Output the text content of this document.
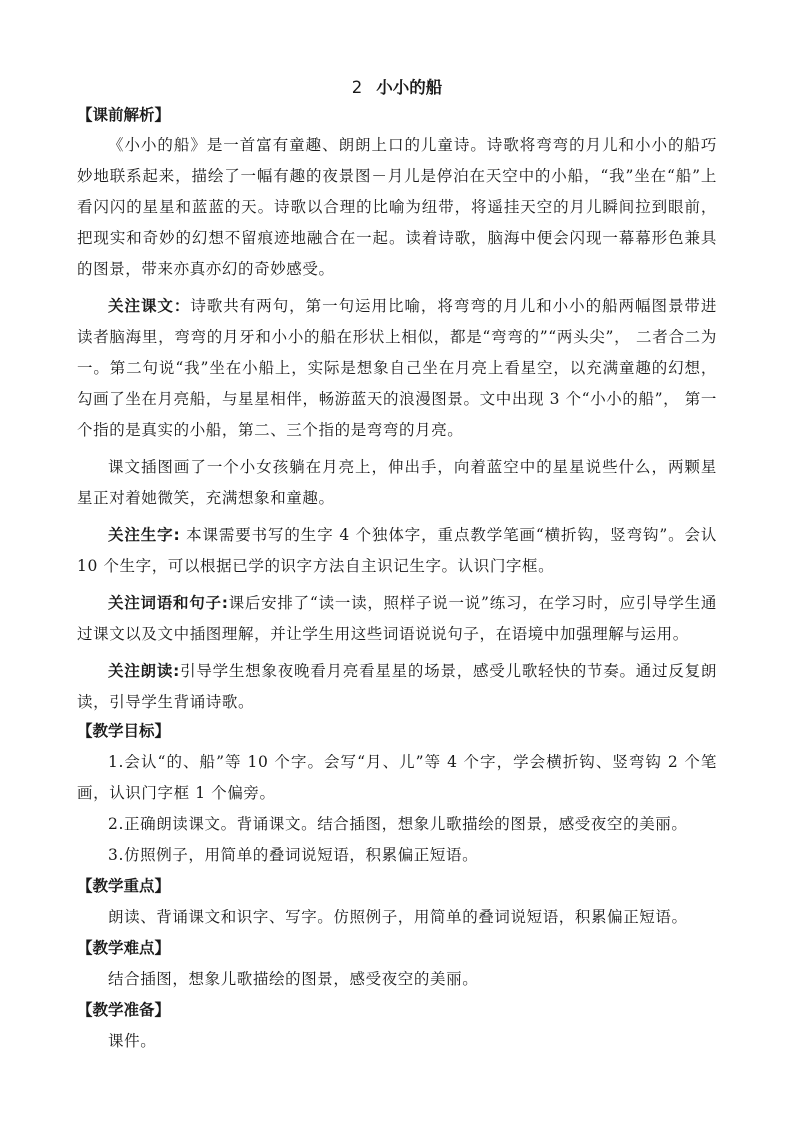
2 小小的船
【课前解析】

《小小的船》是一首富有童趣、朗朗上口的儿童诗。诗歌将弯弯的月儿和小小的船巧妙地联系起来，描绘了一幅有趣的夜景图－月儿是停泊在天空中的小船，“我”坐在“船”上看闪闪的星星和蓝蓝的天。诗歌以合理的比喻为纽带，将遥挂天空的月儿瞬间拉到眼前，把现实和奇妙的幻想不留痕迹地融合在一起。读着诗歌，脑海中便会闪现一幕幕形色兼具的图景，带来亦真亦幻的奇妙感受。

关注课文：诗歌共有两句，第一句运用比喻，将弯弯的月儿和小小的船两幅图景带进读者脑海里，弯弯的月牙和小小的船在形状上相似，都是“弯弯的”“两头尖”， 二者合二为一。第二句说“我”坐在小船上，实际是想象自己坐在月亮上看星空，以充满童趣的幻想，勾画了坐在月亮船，与星星相伴，畅游蓝天的浪漫图景。文中出现 3 个“小小的船”， 第一个指的是真实的小船，第二、三个指的是弯弯的月亮。

课文插图画了一个小女孩躺在月亮上，伸出手，向着蓝空中的星星说些什么，两颗星星正对着她微笑，充满想象和童趣。

关注生字: 本课需要书写的生字 4 个独体字，重点教学笔画“横折钩，竖弯钩”。会认 10 个生字，可以根据已学的识字方法自主识记生字。认识门字框。

关注词语和句子:课后安排了“读一读，照样子说一说”练习，在学习时，应引导学生通过课文以及文中插图理解，并让学生用这些词语说说句子，在语境中加强理解与运用。

关注朗读:引导学生想象夜晚看月亮看星星的场景，感受儿歌轻快的节奏。通过反复朗读，引导学生背诵诗歌。

【教学目标】
1.会认“的、船”等 10 个字。会写“月、儿”等 4 个字，学会横折钩、竖弯钩 2 个笔画，认识门字框 1 个偏旁。
2.正确朗读课文。背诵课文。结合插图，想象儿歌描绘的图景，感受夜空的美丽。
3.仿照例子，用简单的叠词说短语，积累偏正短语。
【教学重点】
朗读、背诵课文和识字、写字。仿照例子，用简单的叠词说短语，积累偏正短语。
【教学难点】
结合插图，想象儿歌描绘的图景，感受夜空的美丽。
【教学准备】
课件。
